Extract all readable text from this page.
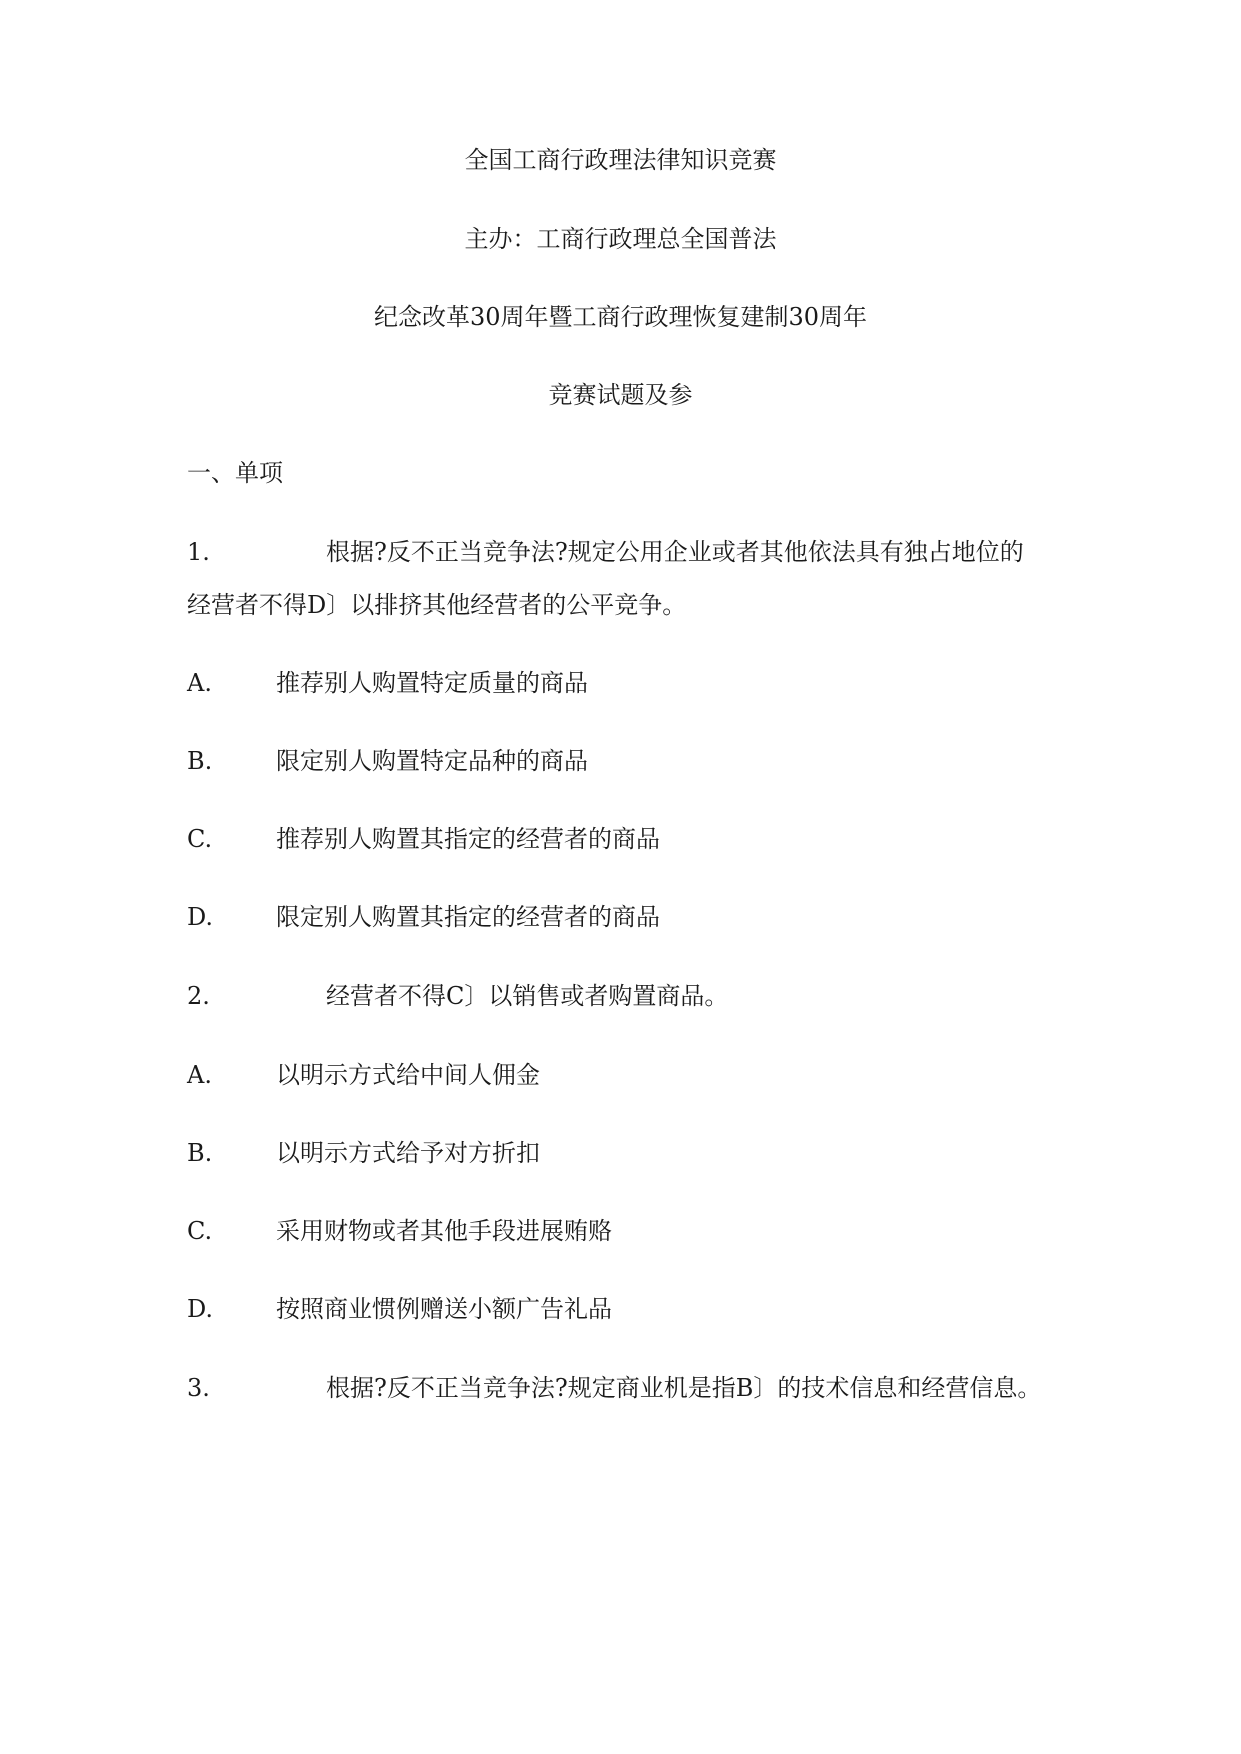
全国工商行政理法律知识竞赛
主办：工商行政理总全国普法
纪念改革30周年暨工商行政理恢复建制30周年
竞赛试题及参
一、单项
1.	根据?反不正当竞争法?规定公用企业或者其他依法具有独占地位的
经营者不得D〕以排挤其他经营者的公平竞争。
A.	推荐别人购置特定质量的商品
B.	限定别人购置特定品种的商品
C.	推荐别人购置其指定的经营者的商品
D.	限定别人购置其指定的经营者的商品
2.	经营者不得C〕以销售或者购置商品。
A.	以明示方式给中间人佣金
B.	以明示方式给予对方折扣
C.	采用财物或者其他手段进展贿赂
D.	按照商业惯例赠送小额广告礼品
3.	根据?反不正当竞争法?规定商业机是指B〕的技术信息和经营信息。
